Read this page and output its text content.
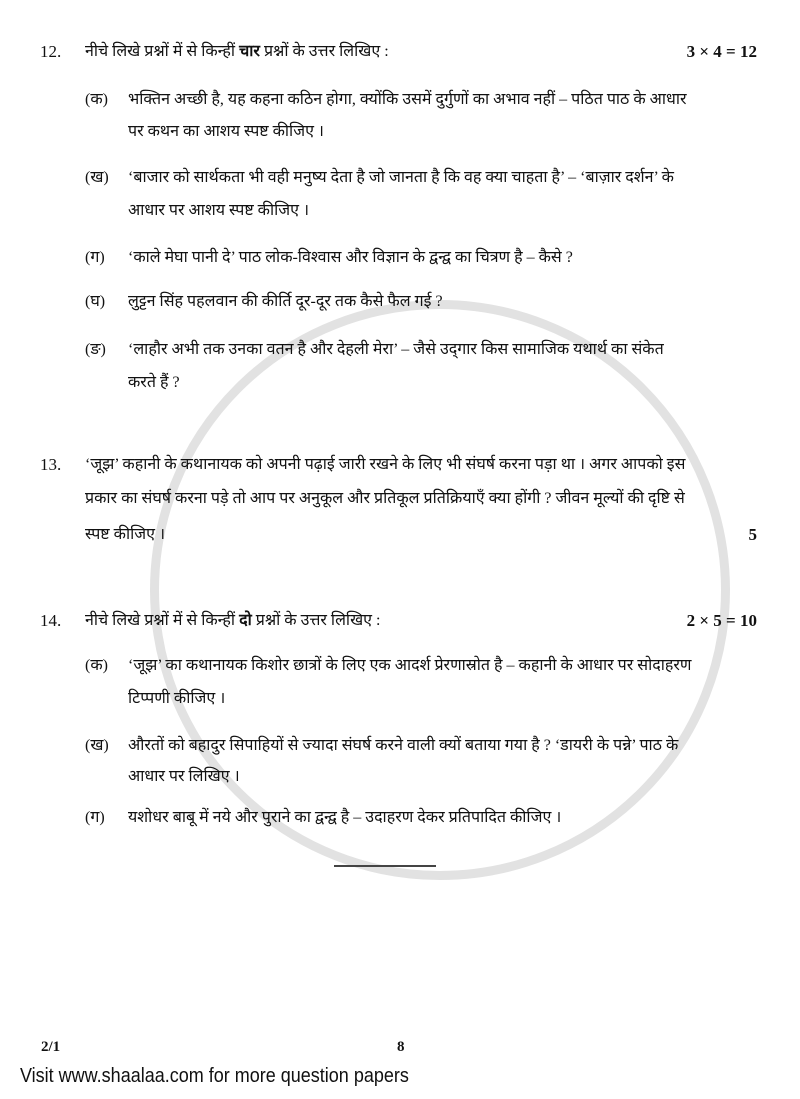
12. नीचे लिखे प्रश्नों में से किन्हीं चार प्रश्नों के उत्तर लिखिए :	3 × 4 = 12
(क) भक्तिन अच्छी है, यह कहना कठिन होगा, क्योंकि उसमें दुर्गुणों का अभाव नहीं – पठित पाठ के आधार
पर कथन का आशय स्पष्ट कीजिए ।
(ख) ‘बाजार को सार्थकता भी वही मनुष्य देता है जो जानता है कि वह क्या चाहता है’ – ‘बाज़ार दर्शन’ के
आधार पर आशय स्पष्ट कीजिए ।
(ग) ‘काले मेघा पानी दे’ पाठ लोक-विश्वास और विज्ञान के द्वन्द्व का चित्रण है – कैसे ?
(घ) लुट्टन सिंह पहलवान की कीर्ति दूर-दूर तक कैसे फैल गई ?
(ङ) ‘लाहौर अभी तक उनका वतन है और देहली मेरा’ – जैसे उद्‌गार किस सामाजिक यथार्थ का संकेत
करते हैं ?
13. ‘जूझ’ कहानी के कथानायक को अपनी पढ़ाई जारी रखने के लिए भी संघर्ष करना पड़ा था । अगर आपको इस
प्रकार का संघर्ष करना पड़े तो आप पर अनुकूल और प्रतिकूल प्रतिक्रियाएँ क्या होंगी ? जीवन मूल्यों की दृष्टि से
स्पष्ट कीजिए ।	5
14. नीचे लिखे प्रश्नों में से किन्हीं दो प्रश्नों के उत्तर लिखिए :	2 × 5 = 10
(क) ‘जूझ’ का कथानायक किशोर छात्रों के लिए एक आदर्श प्रेरणास्रोत है – कहानी के आधार पर सोदाहरण
टिप्पणी कीजिए ।
(ख) औरतों को बहादुर सिपाहियों से ज्यादा संघर्ष करने वाली क्यों बताया गया है ? ‘डायरी के पन्ने’ पाठ के
आधार पर लिखिए ।
(ग) यशोधर बाबू में नये और पुराने का द्वन्द्व है – उदाहरण देकर प्रतिपादित कीजिए ।
2/1	8
Visit www.shaalaa.com for more question papers
